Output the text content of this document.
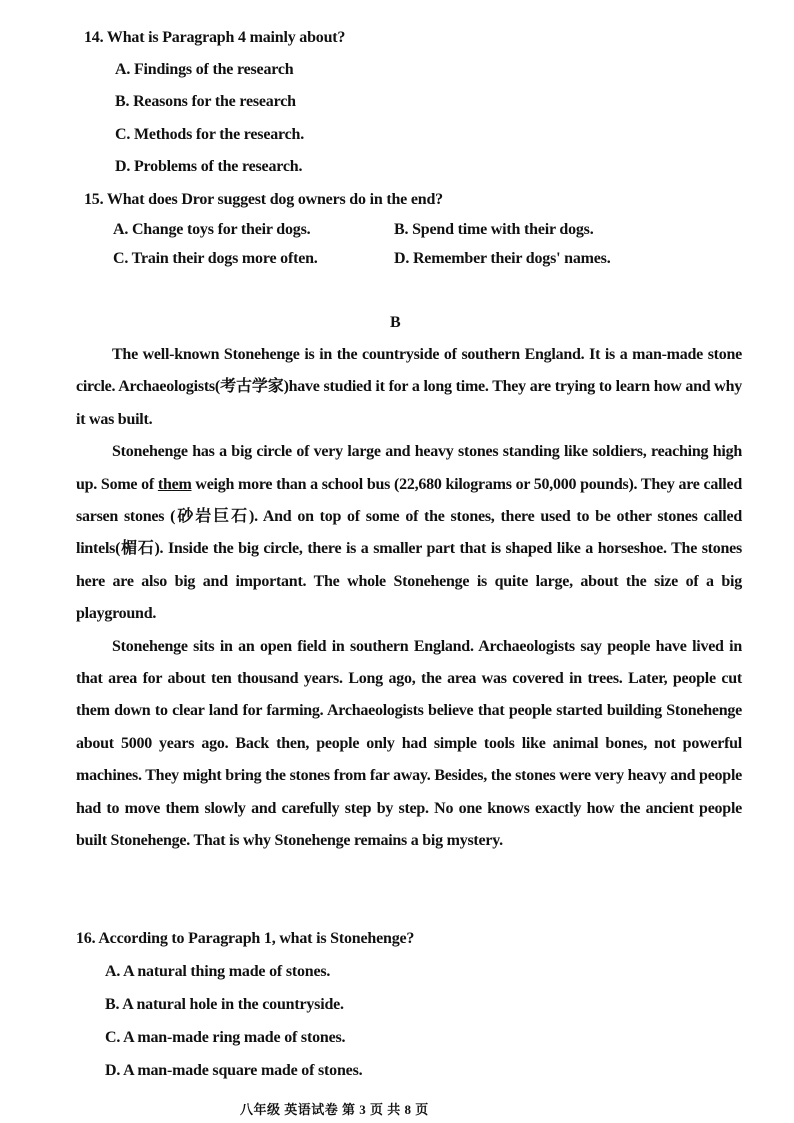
14. What is Paragraph 4 mainly about?
A. Findings of the research
B. Reasons for the research
C. Methods for the research.
D. Problems of the research.
15. What does Dror suggest dog owners do in the end?
A. Change toys for their dogs.	B. Spend time with their dogs.
C. Train their dogs more often.	D. Remember their dogs' names.
B

The well-known Stonehenge is in the countryside of southern England. It is a man-made stone circle. Archaeologists(考古学家)have studied it for a long time. They are trying to learn how and why it was built.

Stonehenge has a big circle of very large and heavy stones standing like soldiers, reaching high up. Some of them weigh more than a school bus (22,680 kilograms or 50,000 pounds). They are called sarsen stones (砂岩巨石). And on top of some of the stones, there used to be other stones called lintels(楣石). Inside the big circle, there is a smaller part that is shaped like a horseshoe. The stones here are also big and important. The whole Stonehenge is quite large, about the size of a big playground.

Stonehenge sits in an open field in southern England. Archaeologists say people have lived in that area for about ten thousand years. Long ago, the area was covered in trees. Later, people cut them down to clear land for farming. Archaeologists believe that people started building Stonehenge about 5000 years ago. Back then, people only had simple tools like animal bones, not powerful machines. They might bring the stones from far away. Besides, the stones were very heavy and people had to move them slowly and carefully step by step. No one knows exactly how the ancient people built Stonehenge. That is why Stonehenge remains a big mystery.

16. According to Paragraph 1, what is Stonehenge?
A. A natural thing made of stones.
B. A natural hole in the countryside.
C. A man-made ring made of stones.
D. A man-made square made of stones.
八年级 英语试卷 第 3 页 共 8 页
